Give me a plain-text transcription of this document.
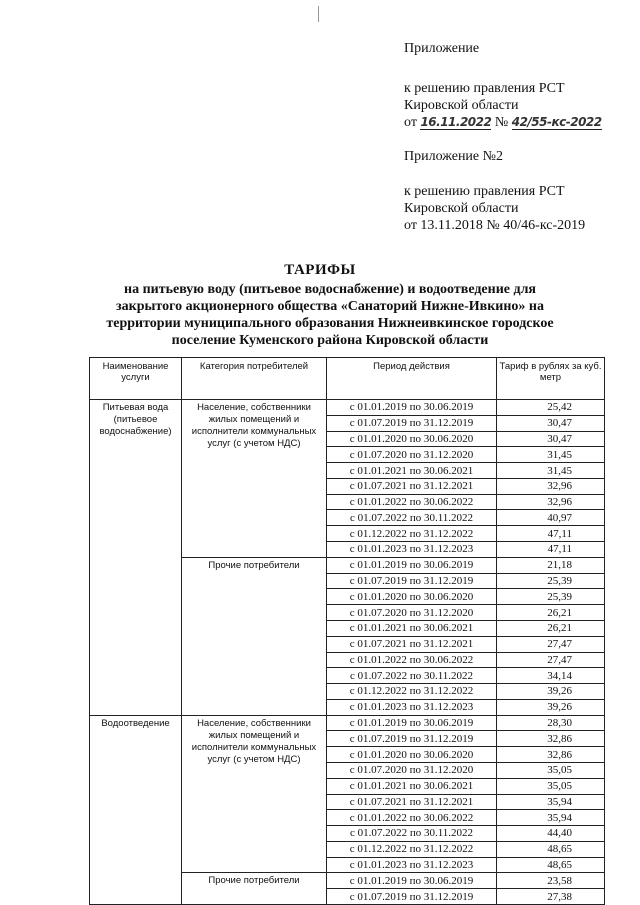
Приложение
к решению правления РСТ
Кировской области
от 16.11.2022 № 42/55-кс-2022
Приложение №2
к решению правления РСТ
Кировской области
от 13.11.2018 № 40/46-кс-2019
ТАРИФЫ
на питьевую воду (питьевое водоснабжение) и водоотведение для закрытого акционерного общества «Санаторий Нижне-Ивкино» на территории муниципального образования Нижнеивкинское городское поселение Куменского района Кировской области
Наименование услуги	Категория потребителей	Период действия	Тариф в рублях за куб. метр
Питьевая вода (питьевое водоснабжение)	Население, собственники жилых помещений и исполнители коммунальных услуг (с учетом НДС)	с 01.01.2019 по 30.06.2019	25,42
		с 01.07.2019 по 31.12.2019	30,47
		с 01.01.2020 по 30.06.2020	30,47
		с 01.07.2020 по 31.12.2020	31,45
		с 01.01.2021 по 30.06.2021	31,45
		с 01.07.2021 по 31.12.2021	32,96
		с 01.01.2022 по 30.06.2022	32,96
		с 01.07.2022 по 30.11.2022	40,97
		с 01.12.2022 по 31.12.2022	47,11
		с 01.01.2023 по 31.12.2023	47,11
	Прочие потребители	с 01.01.2019 по 30.06.2019	21,18
		с 01.07.2019 по 31.12.2019	25,39
		с 01.01.2020 по 30.06.2020	25,39
		с 01.07.2020 по 31.12.2020	26,21
		с 01.01.2021 по 30.06.2021	26,21
		с 01.07.2021 по 31.12.2021	27,47
		с 01.01.2022 по 30.06.2022	27,47
		с 01.07.2022 по 30.11.2022	34,14
		с 01.12.2022 по 31.12.2022	39,26
		с 01.01.2023 по 31.12.2023	39,26
Водоотведение	Население, собственники жилых помещений и исполнители коммунальных услуг (с учетом НДС)	с 01.01.2019 по 30.06.2019	28,30
		с 01.07.2019 по 31.12.2019	32,86
		с 01.01.2020 по 30.06.2020	32,86
		с 01.07.2020 по 31.12.2020	35,05
		с 01.01.2021 по 30.06.2021	35,05
		с 01.07.2021 по 31.12.2021	35,94
		с 01.01.2022 по 30.06.2022	35,94
		с 01.07.2022 по 30.11.2022	44,40
		с 01.12.2022 по 31.12.2022	48,65
		с 01.01.2023 по 31.12.2023	48,65
	Прочие потребители	с 01.01.2019 по 30.06.2019	23,58
		с 01.07.2019 по 31.12.2019	27,38
